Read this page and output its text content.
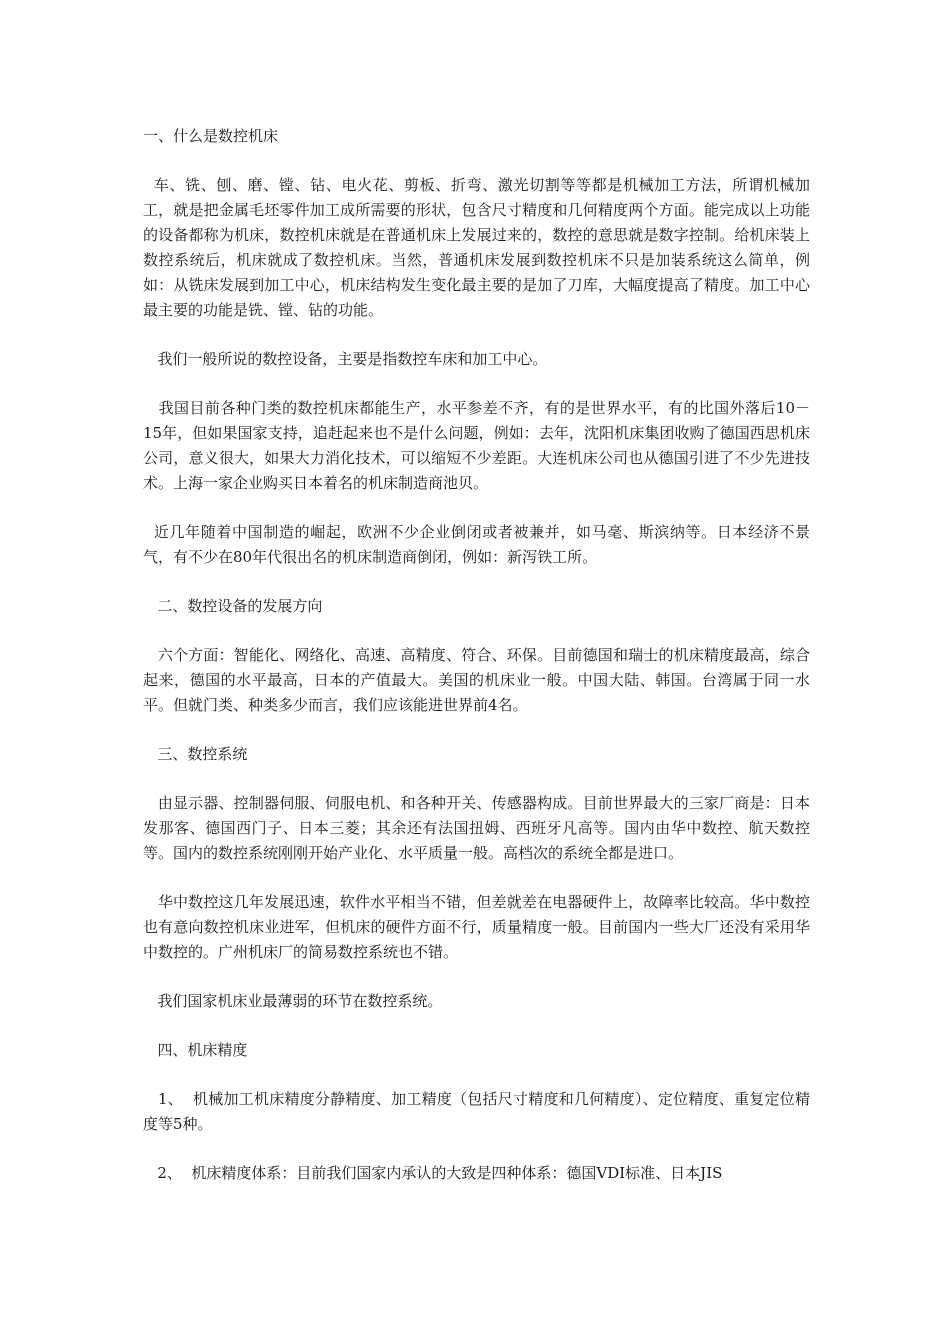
一、什么是数控机床

车、铣、刨、磨、镗、钻、电火花、剪板、折弯、激光切割等等都是机械加工方法，所谓机械加工，就是把金属毛坯零件加工成所需要的形状，包含尺寸精度和几何精度两个方面。能完成以上功能的设备都称为机床，数控机床就是在普通机床上发展过来的，数控的意思就是数字控制。给机床装上数控系统后，机床就成了数控机床。当然，普通机床发展到数控机床不只是加装系统这么简单，例如：从铣床发展到加工中心，机床结构发生变化最主要的是加了刀库，大幅度提高了精度。加工中心最主要的功能是铣、镗、钻的功能。

我们一般所说的数控设备，主要是指数控车床和加工中心。

我国目前各种门类的数控机床都能生产，水平参差不齐，有的是世界水平，有的比国外落后10－15年，但如果国家支持，追赶起来也不是什么问题，例如：去年，沈阳机床集团收购了德国西思机床公司，意义很大，如果大力消化技术，可以缩短不少差距。大连机床公司也从德国引进了不少先进技术。上海一家企业购买日本着名的机床制造商池贝。

近几年随着中国制造的崛起，欧洲不少企业倒闭或者被兼并，如马毫、斯滨纳等。日本经济不景气，有不少在80年代很出名的机床制造商倒闭，例如：新泻铁工所。

二、数控设备的发展方向

六个方面：智能化、网络化、高速、高精度、符合、环保。目前德国和瑞士的机床精度最高，综合起来，德国的水平最高，日本的产值最大。美国的机床业一般。中国大陆、韩国。台湾属于同一水平。但就门类、种类多少而言，我们应该能进世界前4名。

三、数控系统

由显示器、控制器伺服、伺服电机、和各种开关、传感器构成。目前世界最大的三家厂商是：日本发那客、德国西门子、日本三菱；其余还有法国扭姆、西班牙凡高等。国内由华中数控、航天数控等。国内的数控系统刚刚开始产业化、水平质量一般。高档次的系统全都是进口。

华中数控这几年发展迅速，软件水平相当不错，但差就差在电器硬件上，故障率比较高。华中数控也有意向数控机床业进军，但机床的硬件方面不行，质量精度一般。目前国内一些大厂还没有采用华中数控的。广州机床厂的简易数控系统也不错。

我们国家机床业最薄弱的环节在数控系统。

四、机床精度

1、  机械加工机床精度分静精度、加工精度（包括尺寸精度和几何精度）、定位精度、重复定位精度等5种。

2、  机床精度体系：目前我们国家内承认的大致是四种体系：德国VDI标准、日本JIS
